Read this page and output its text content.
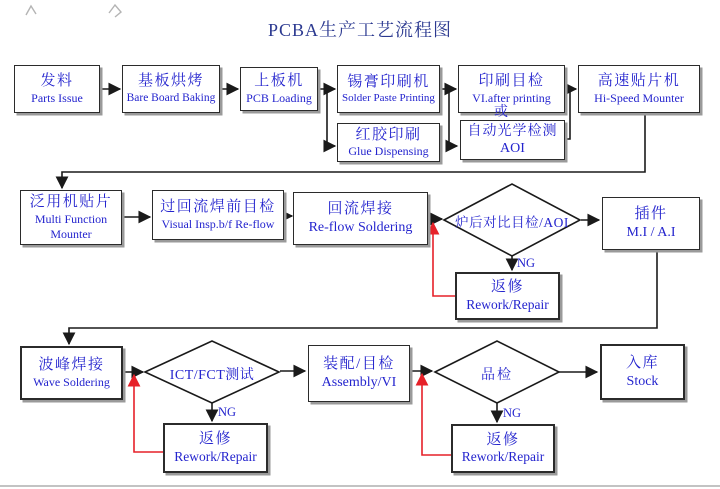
PCBA生产工艺流程图
发料
Parts Issue
基板烘烤
Bare Board Baking
上板机
PCB Loading
锡膏印刷机
Solder Paste Printing
印刷目检
VI.after printing
高速贴片机
Hi-Speed Mounter
或
红胶印刷
Glue Dispensing
自动光学检测
AOI
泛用机贴片
Multi Function
Mounter
过回流焊前目检
Visual Insp.b/f Re-flow
回流焊接
Re-flow Soldering	炉后对比目检/AOI
插件
M.I / A.I
NG
返修
Rework/Repair
波峰焊接
Wave Soldering	ICT/FCT测试
装配/目检
Assembly/VI	品检
入库
Stock
NG
返修
Rework/Repair
NG
返修
Rework/Repair
